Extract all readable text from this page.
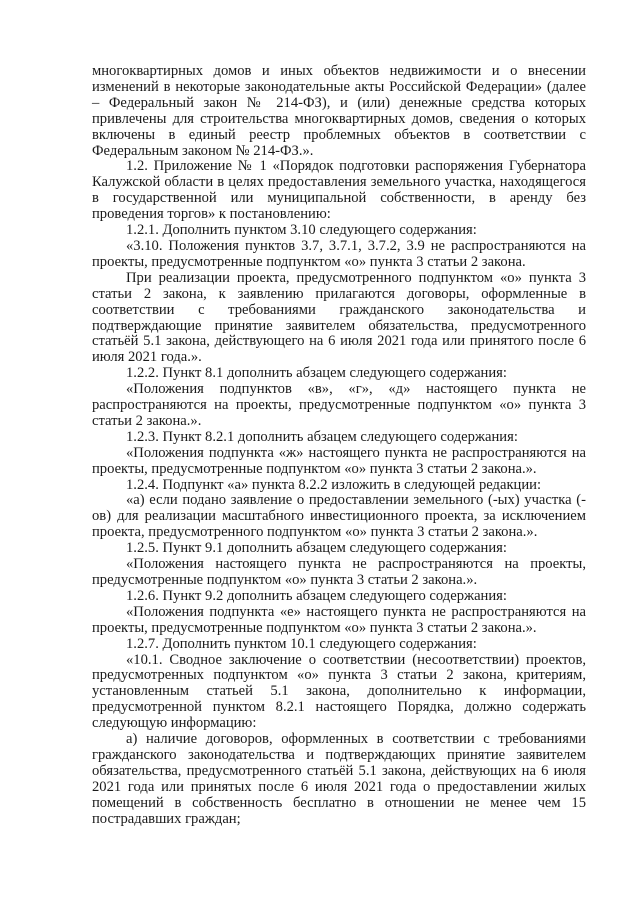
многоквартирных домов и иных объектов недвижимости и о внесении изменений в некоторые законодательные акты Российской Федерации» (далее – Федеральный закон № 214-ФЗ), и (или) денежные средства которых привлечены для строительства многоквартирных домов, сведения о которых включены в единый реестр проблемных объектов в соответствии с Федеральным законом № 214-ФЗ.».

1.2. Приложение № 1 «Порядок подготовки распоряжения Губернатора Калужской области в целях предоставления земельного участка, находящегося в государственной или муниципальной собственности, в аренду без проведения торгов» к постановлению:

1.2.1. Дополнить пунктом 3.10 следующего содержания:

«3.10. Положения пунктов 3.7, 3.7.1, 3.7.2, 3.9 не распространяются на проекты, предусмотренные подпунктом «о» пункта 3 статьи 2 закона.

При реализации проекта, предусмотренного подпунктом «о» пункта 3 статьи 2 закона, к заявлению прилагаются договоры, оформленные в соответствии с требованиями гражданского законодательства и подтверждающие принятие заявителем обязательства, предусмотренного статьёй 5.1 закона, действующего на 6 июля 2021 года или принятого после 6 июля 2021 года.».

1.2.2. Пункт 8.1 дополнить абзацем следующего содержания:

«Положения подпунктов «в», «г», «д» настоящего пункта не распространяются на проекты, предусмотренные подпунктом «о» пункта 3 статьи 2 закона.».

1.2.3. Пункт 8.2.1 дополнить абзацем следующего содержания:

«Положения подпункта «ж» настоящего пункта не распространяются на проекты, предусмотренные подпунктом «о» пункта 3 статьи 2 закона.».

1.2.4. Подпункт «а» пункта 8.2.2 изложить в следующей редакции:

«а) если подано заявление о предоставлении земельного (-ых) участка (-ов) для реализации масштабного инвестиционного проекта, за исключением проекта, предусмотренного подпунктом «о» пункта 3 статьи 2 закона.».

1.2.5. Пункт 9.1 дополнить абзацем следующего содержания:

«Положения настоящего пункта не распространяются на проекты, предусмотренные подпунктом «о» пункта 3 статьи 2 закона.».

1.2.6. Пункт 9.2 дополнить абзацем следующего содержания:

«Положения подпункта «е» настоящего пункта не распространяются на проекты, предусмотренные подпунктом «о» пункта 3 статьи 2 закона.».

1.2.7. Дополнить пунктом 10.1 следующего содержания:

«10.1. Сводное заключение о соответствии (несоответствии) проектов, предусмотренных подпунктом «о» пункта 3 статьи 2 закона, критериям, установленным статьей 5.1 закона, дополнительно к информации, предусмотренной пунктом 8.2.1 настоящего Порядка, должно содержать следующую информацию:

а) наличие договоров, оформленных в соответствии с требованиями гражданского законодательства и подтверждающих принятие заявителем обязательства, предусмотренного статьёй 5.1 закона, действующих на 6 июля 2021 года или принятых после 6 июля 2021 года о предоставлении жилых помещений в собственность бесплатно в отношении не менее чем 15 пострадавших граждан;
